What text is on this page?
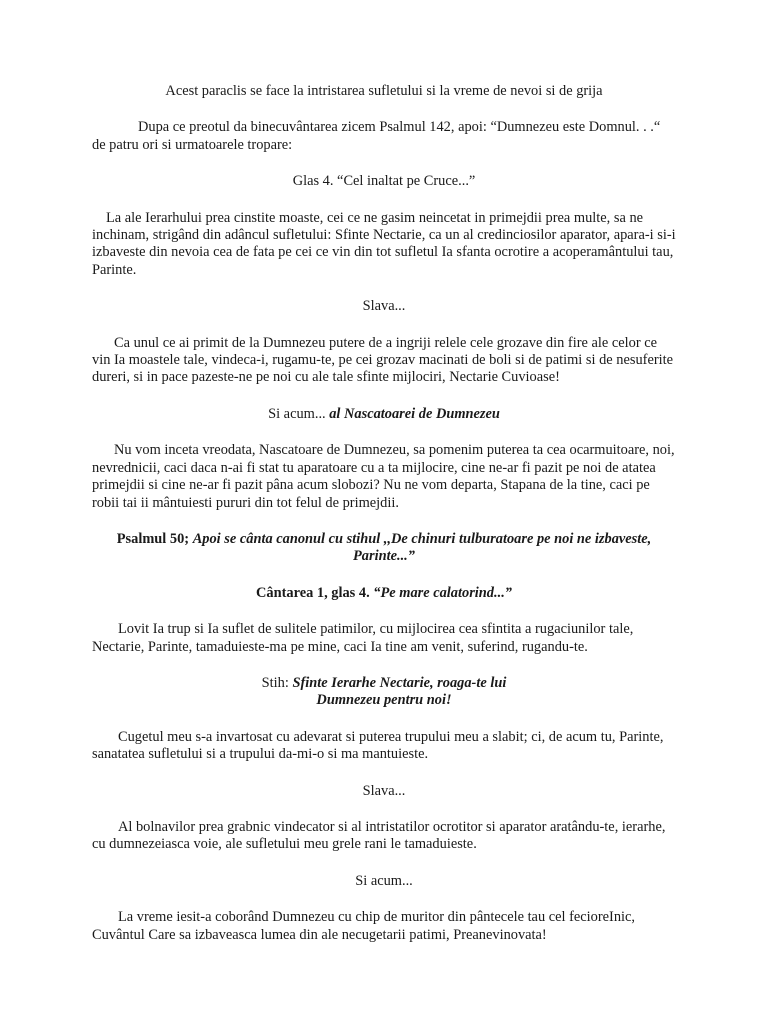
Acest paraclis se face la intristarea sufletului si la vreme de nevoi si de grija

Dupa ce preotul da binecuvântarea zicem Psalmul 142, apoi: “Dumnezeu este Domnul. . .“ de patru ori si urmatoarele tropare:

Glas 4. “Cel inaltat pe Cruce...”

La ale Ierarhului prea cinstite moaste, cei ce ne gasim neincetat in primejdii prea multe, sa ne inchinam, strigând din adâncul sufletului: Sfinte Nectarie, ca un al credinciosilor aparator, apara-i si-i izbaveste din nevoia cea de fata pe cei ce vin din tot sufletul Ia sfanta ocrotire a acoperamântului tau, Parinte.

Slava...

Ca unul ce ai primit de la Dumnezeu putere de a ingriji relele cele grozave din fire ale celor ce vin Ia moastele tale, vindeca-i, rugamu-te, pe cei grozav macinati de boli si de patimi si de nesuferite dureri, si in pace pazeste-ne pe noi cu ale tale sfinte mijlociri, Nectarie Cuvioase!

Si acum... al Nascatoarei de Dumnezeu

Nu vom inceta vreodata, Nascatoare de Dumnezeu, sa pomenim puterea ta cea ocarmuitoare, noi, nevrednicii, caci daca n-ai fi stat tu aparatoare cu a ta mijlocire, cine ne-ar fi pazit pe noi de atatea primejdii si cine ne-ar fi pazit pâna acum slobozi? Nu ne vom departa, Stapana de la tine, caci pe robii tai ii mântuiesti pururi din tot felul de primejdii.

Psalmul 50; Apoi se cânta canonul cu stihul ,,De chinuri tulburatoare pe noi ne izbaveste, Parinte...”

Cântarea 1, glas 4. “Pe mare calatorind...”

Lovit Ia trup si Ia suflet de sulitele patimilor, cu mijlocirea cea sfintita a rugaciunilor tale, Nectarie, Parinte, tamaduieste-ma pe mine, caci Ia tine am venit, suferind, rugandu-te.

Stih: Sfinte Ierarhe Nectarie, roaga-te lui
Dumnezeu pentru noi!

Cugetul meu s-a invartosat cu adevarat si puterea trupului meu a slabit; ci, de acum tu, Parinte, sanatatea sufletului si a trupului da-mi-o si ma mantuieste.

Slava...

Al bolnavilor prea grabnic vindecator si al intristatilor ocrotitor si aparator aratându-te, ierarhe, cu dumnezeiasca voie, ale sufletului meu grele rani le tamaduieste.

Si acum...

La vreme iesit-a coborând Dumnezeu cu chip de muritor din pântecele tau cel fecioreInic, Cuvântul Care sa izbaveasca lumea din ale necugetarii patimi, Preanevinovata!
